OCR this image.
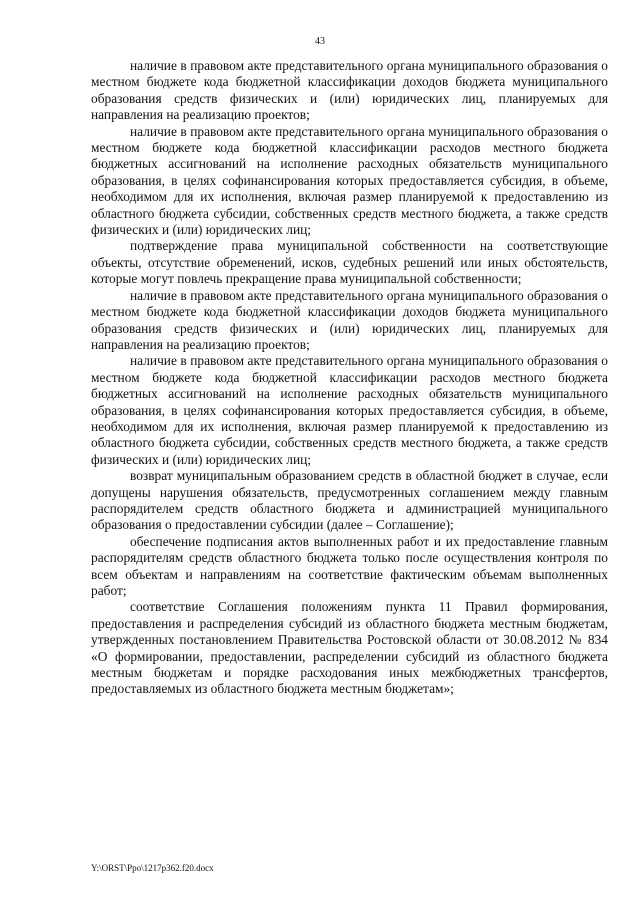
43

наличие в правовом акте представительного органа муниципального образования о местном бюджете кода бюджетной классификации доходов бюджета муниципального образования средств физических и (или) юридических лиц, планируемых для направления на реализацию проектов;

наличие в правовом акте представительного органа муниципального образования о местном бюджете кода бюджетной классификации расходов местного бюджета бюджетных ассигнований на исполнение расходных обязательств муниципального образования, в целях софинансирования которых предоставляется субсидия, в объеме, необходимом для их исполнения, включая размер планируемой к предоставлению из областного бюджета субсидии, собственных средств местного бюджета, а также средств физических и (или) юридических лиц;

подтверждение права муниципальной собственности на соответствующие объекты, отсутствие обременений, исков, судебных решений или иных обстоятельств, которые могут повлечь прекращение права муниципальной собственности;

наличие в правовом акте представительного органа муниципального образования о местном бюджете кода бюджетной классификации доходов бюджета муниципального образования средств физических и (или) юридических лиц, планируемых для направления на реализацию проектов;

наличие в правовом акте представительного органа муниципального образования о местном бюджете кода бюджетной классификации расходов местного бюджета бюджетных ассигнований на исполнение расходных обязательств муниципального образования, в целях софинансирования которых предоставляется субсидия, в объеме, необходимом для их исполнения, включая размер планируемой к предоставлению из областного бюджета субсидии, собственных средств местного бюджета, а также средств физических и (или) юридических лиц;

возврат муниципальным образованием средств в областной бюджет в случае, если допущены нарушения обязательств, предусмотренных соглашением между главным распорядителем средств областного бюджета и администрацией муниципального образования о предоставлении субсидии (далее – Соглашение);

обеспечение подписания актов выполненных работ и их предоставление главным распорядителям средств областного бюджета только после осуществления контроля по всем объектам и направлениям на соответствие фактическим объемам выполненных работ;

соответствие Соглашения положениям пункта 11 Правил формирования, предоставления и распределения субсидий из областного бюджета местным бюджетам, утвержденных постановлением Правительства Ростовской области от 30.08.2012 № 834 «О формировании, предоставлении, распределении субсидий из областного бюджета местным бюджетам и порядке расходования иных межбюджетных трансфертов, предоставляемых из областного бюджета местным бюджетам»;

Y:\ORST\Ppo\1217p362.f20.docx
